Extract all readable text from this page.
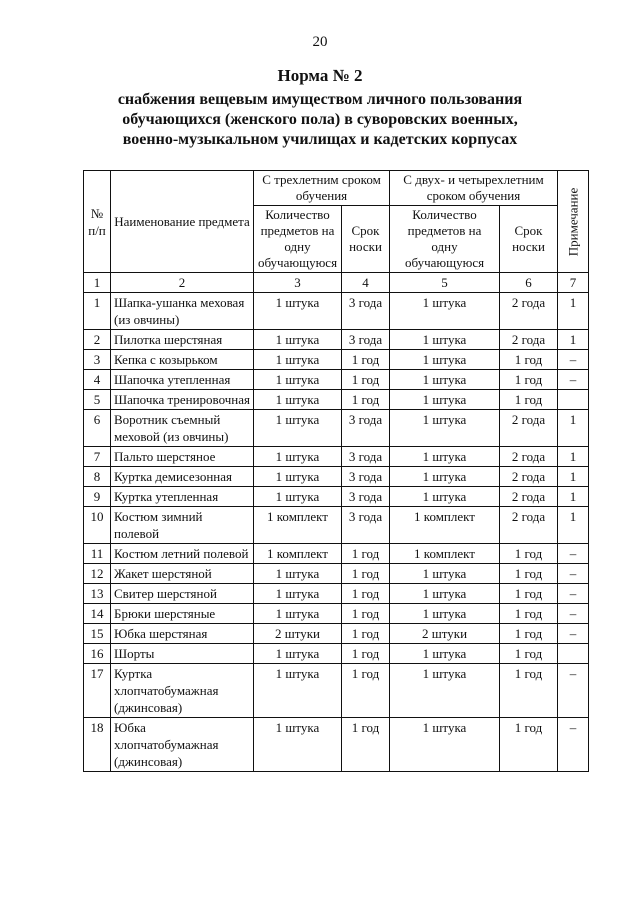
20
Норма № 2
снабжения вещевым имуществом личного пользования
обучающихся (женского пола) в суворовских военных,
военно-музыкальном училищах и кадетских корпусах
№ п/п	Наименование предмета	С трехлетним сроком обучения		С двух- и четырехлетним сроком обучения		Примечание

		Количество предметов на одну обучающуюся	Срок носки	Количество предметов на одну обучающуюся	Срок носки	
1	2	3	4	5	6	7
1	Шапка-ушанка меховая (из овчины)	1 штука	3 года	1 штука	2 года	1
2	Пилотка шерстяная	1 штука	3 года	1 штука	2 года	1
3	Кепка с козырьком	1 штука	1 год	1 штука	1 год	–
4	Шапочка утепленная	1 штука	1 год	1 штука	1 год	–
5	Шапочка тренировочная	1 штука	1 год	1 штука	1 год	
6	Воротник съемный меховой (из овчины)	1 штука	3 года	1 штука	2 года	1
7	Пальто шерстяное	1 штука	3 года	1 штука	2 года	1
8	Куртка демисезонная	1 штука	3 года	1 штука	2 года	1
9	Куртка утепленная	1 штука	3 года	1 штука	2 года	1
10	Костюм зимний полевой	1 комплект	3 года	1 комплект	2 года	1
11	Костюм летний полевой	1 комплект	1 год	1 комплект	1 год	–
12	Жакет шерстяной	1 штука	1 год	1 штука	1 год	–
13	Свитер шерстяной	1 штука	1 год	1 штука	1 год	–
14	Брюки шерстяные	1 штука	1 год	1 штука	1 год	–
15	Юбка шерстяная	2 штуки	1 год	2 штуки	1 год	–
16	Шорты	1 штука	1 год	1 штука	1 год	
17	Куртка хлопчатобумажная (джинсовая)	1 штука	1 год	1 штука	1 год	–
18	Юбка хлопчатобумажная (джинсовая)	1 штука	1 год	1 штука	1 год	–
